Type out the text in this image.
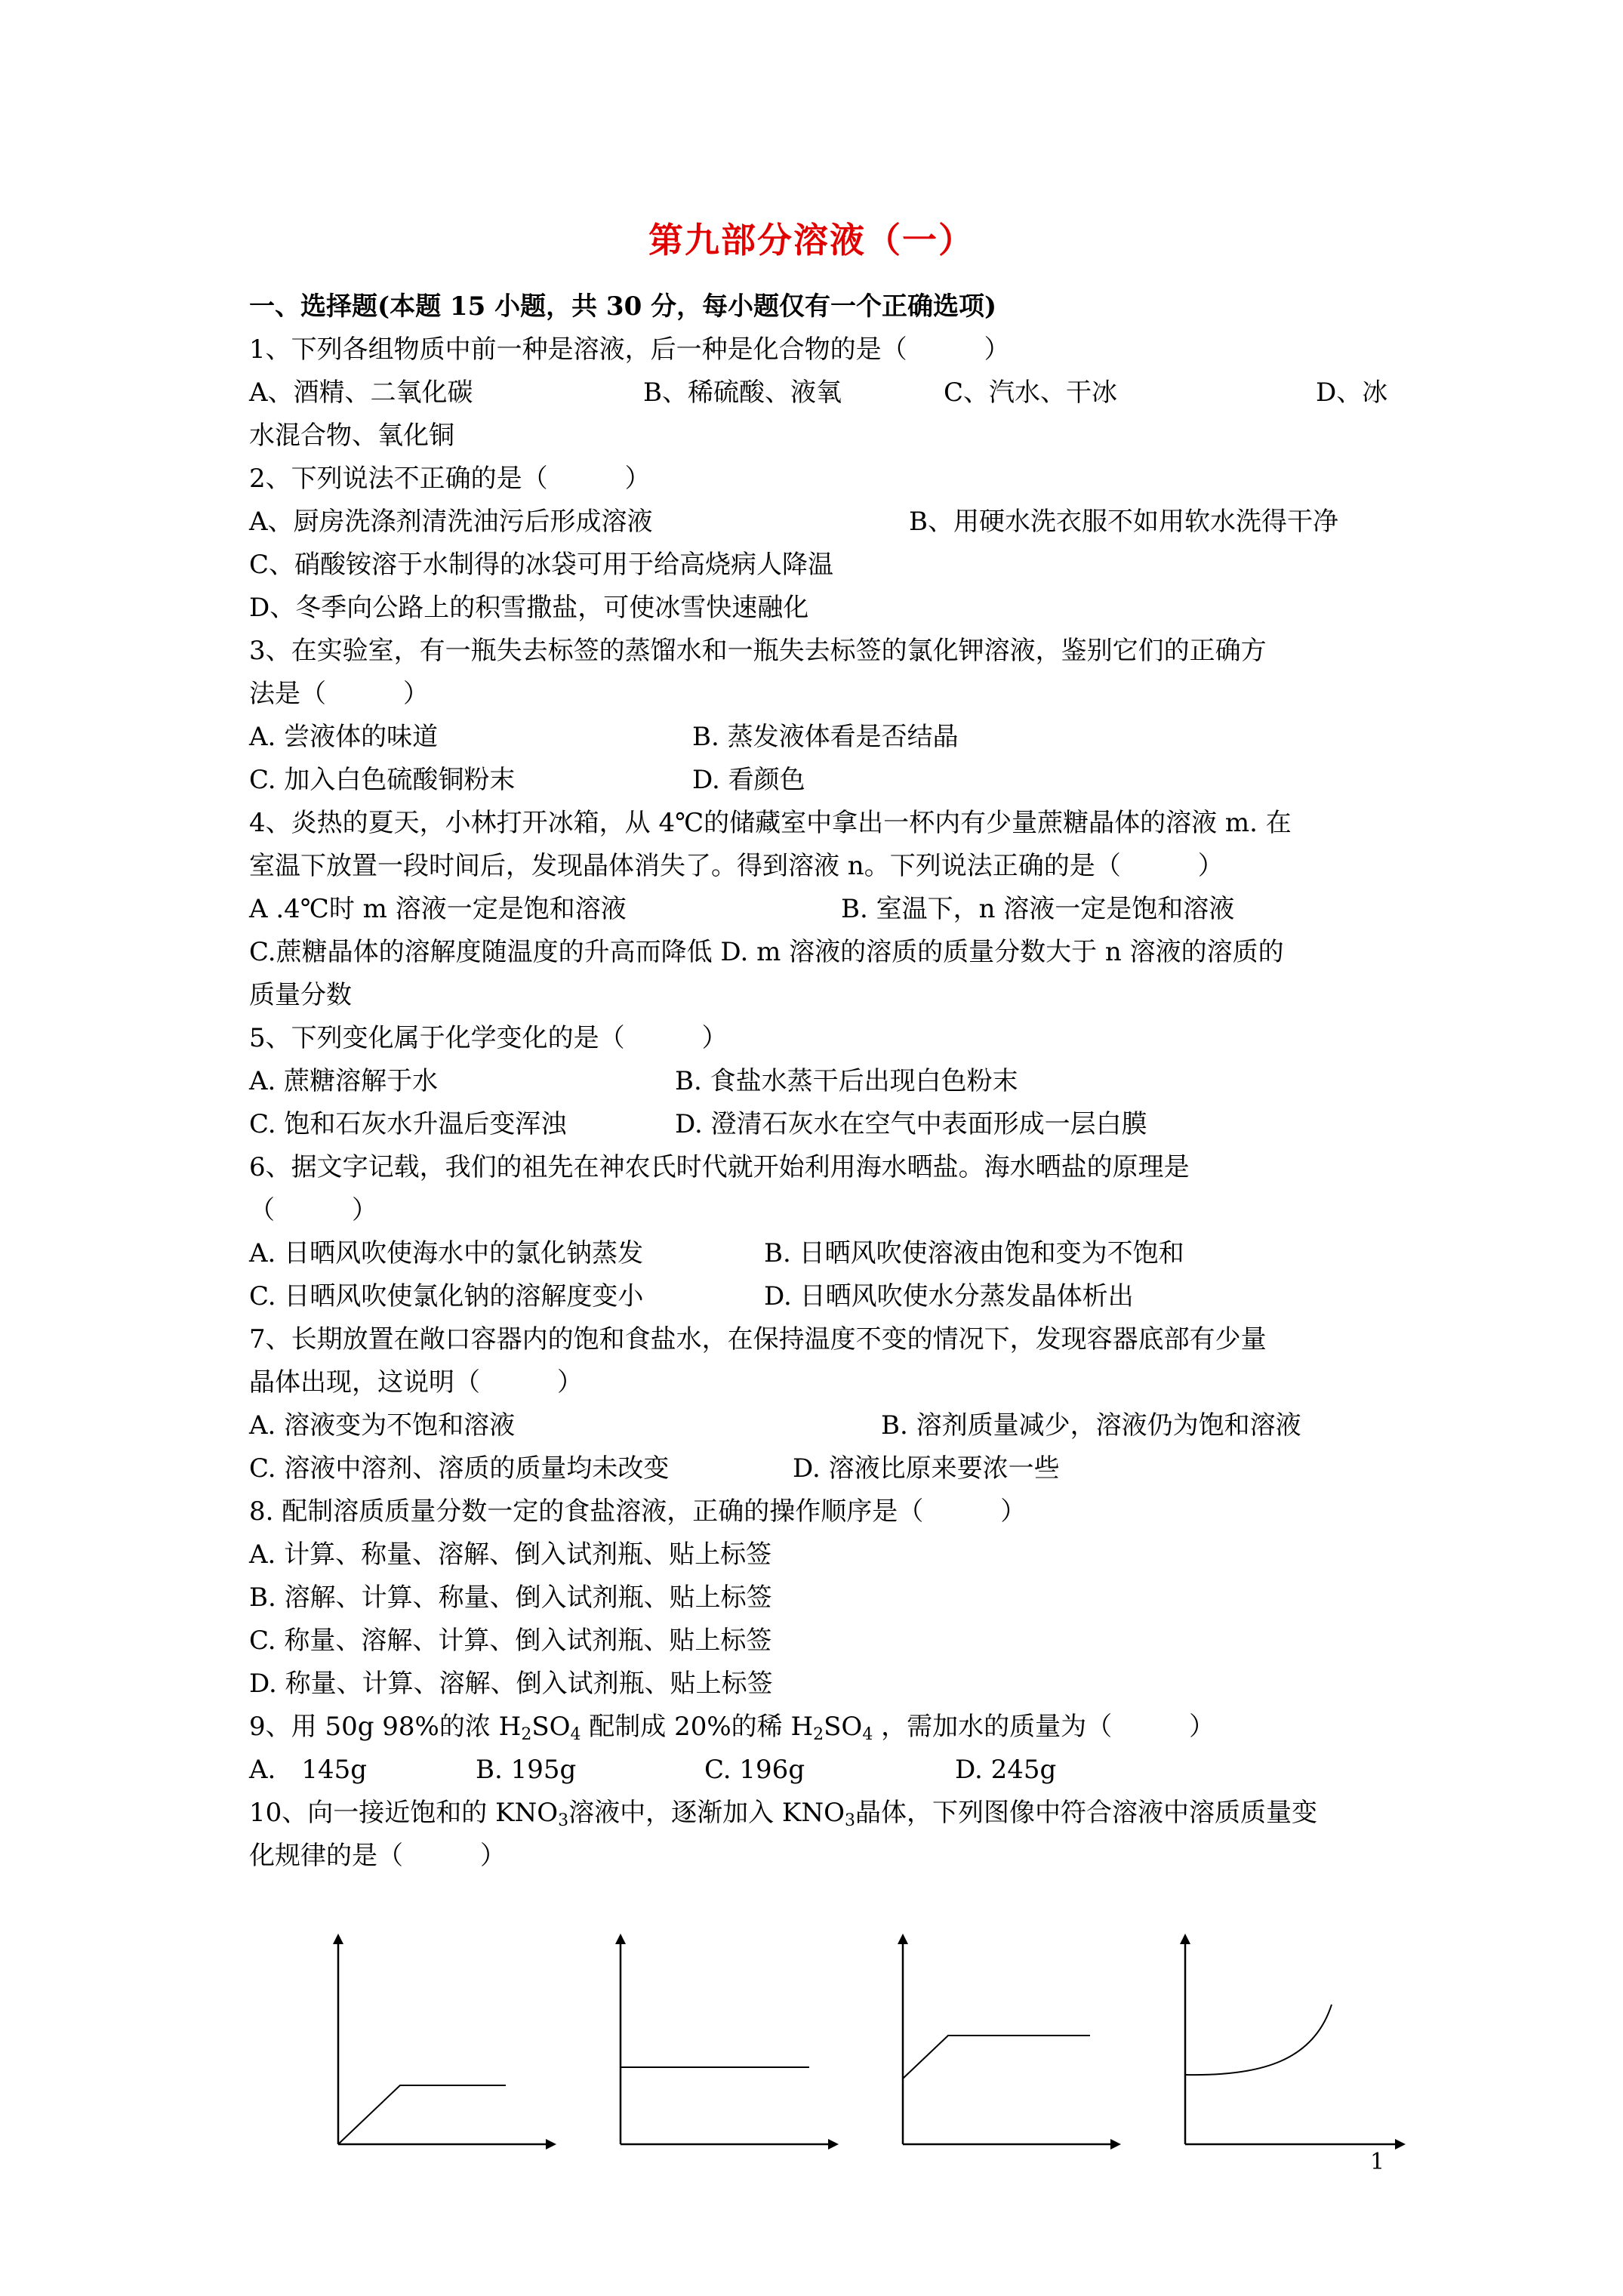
第九部分溶液（一）
一、选择题(本题 15 小题，共 30 分，每小题仅有一个正确选项)
1、下列各组物质中前一种是溶液，后一种是化合物的是（　　　）
A、酒精、二氧化碳	B、稀硫酸、液氧	C、汽水、干冰	D、冰
水混合物、氧化铜
2、下列说法不正确的是（　　　）
A、厨房洗涤剂清洗油污后形成溶液	B、用硬水洗衣服不如用软水洗得干净
C、硝酸铵溶于水制得的冰袋可用于给高烧病人降温
D、冬季向公路上的积雪撒盐，可使冰雪快速融化
3、在实验室，有一瓶失去标签的蒸馏水和一瓶失去标签的氯化钾溶液，鉴别它们的正确方
法是（　　　）
A. 尝液体的味道	B. 蒸发液体看是否结晶
C. 加入白色硫酸铜粉末	D. 看颜色
4、炎热的夏天，小林打开冰箱，从 4℃的储藏室中拿出一杯内有少量蔗糖晶体的溶液 m. 在
室温下放置一段时间后，发现晶体消失了。得到溶液 n。下列说法正确的是（　　　）
A .4℃时 m 溶液一定是饱和溶液	B. 室温下，n 溶液一定是饱和溶液
C.蔗糖晶体的溶解度随温度的升高而降低 D. m 溶液的溶质的质量分数大于 n 溶液的溶质的
质量分数
5、下列变化属于化学变化的是（　　　）
A. 蔗糖溶解于水	B. 食盐水蒸干后出现白色粉末
C. 饱和石灰水升温后变浑浊	D. 澄清石灰水在空气中表面形成一层白膜
6、据文字记载，我们的祖先在神农氏时代就开始利用海水晒盐。海水晒盐的原理是
（　　　）
A. 日晒风吹使海水中的氯化钠蒸发	B. 日晒风吹使溶液由饱和变为不饱和
C. 日晒风吹使氯化钠的溶解度变小	D. 日晒风吹使水分蒸发晶体析出
7、长期放置在敞口容器内的饱和食盐水，在保持温度不变的情况下，发现容器底部有少量
晶体出现，这说明（　　　）
A. 溶液变为不饱和溶液	B. 溶剂质量减少，溶液仍为饱和溶液
C. 溶液中溶剂、溶质的质量均未改变	D. 溶液比原来要浓一些
8. 配制溶质质量分数一定的食盐溶液，正确的操作顺序是（　　　）
A. 计算、称量、溶解、倒入试剂瓶、贴上标签
B. 溶解、计算、称量、倒入试剂瓶、贴上标签
C. 称量、溶解、计算、倒入试剂瓶、贴上标签
D. 称量、计算、溶解、倒入试剂瓶、贴上标签
9、用 50g 98%的浓 $H_2SO_4$ 配制成 20%的稀 $H_2SO_4$ ，需加水的质量为（　　　）
A.　145g	B. 195g	C. 196g	D. 245g
10、向一接近饱和的 $KNO_3$溶液中，逐渐加入 $KNO_3$晶体，下列图像中符合溶液中溶质质量变
化规律的是（　　　）
1
